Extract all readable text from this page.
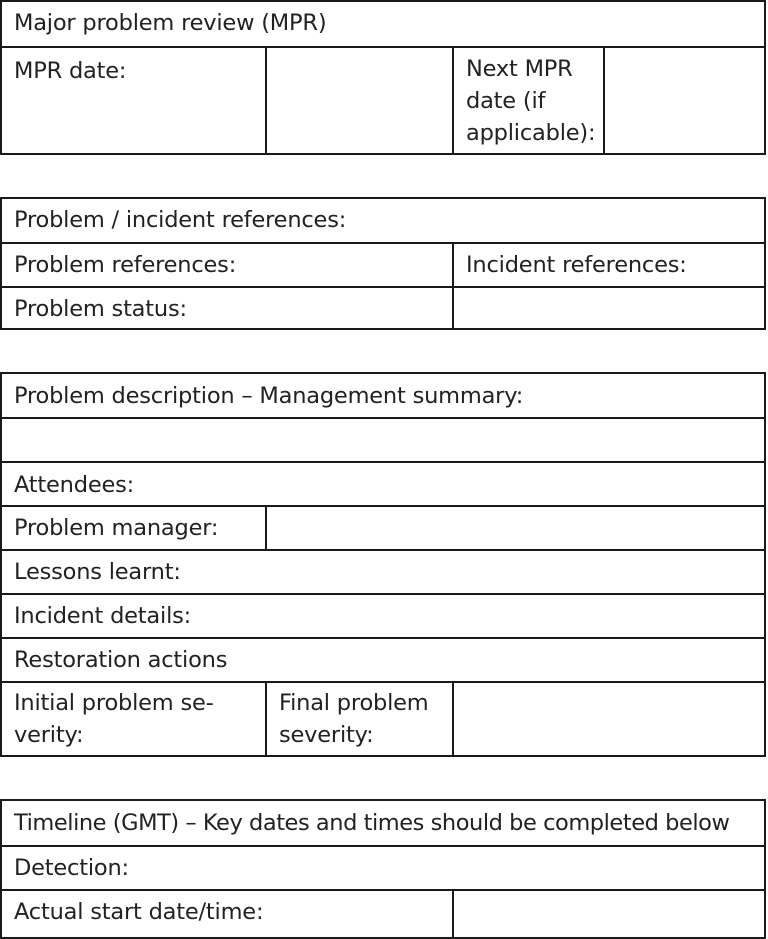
Major problem review (MPR)
MPR date:	Next MPR date (if applicable):
Problem / incident references:
Problem references:	Incident references:
Problem status:
Problem description – Management summary:
Attendees:
Problem manager:
Lessons learnt:
Incident details:
Restoration actions
Initial problem se-verity:
Final problem severity:
Timeline (GMT) – Key dates and times should be completed below
Detection:
Actual start date/time:
